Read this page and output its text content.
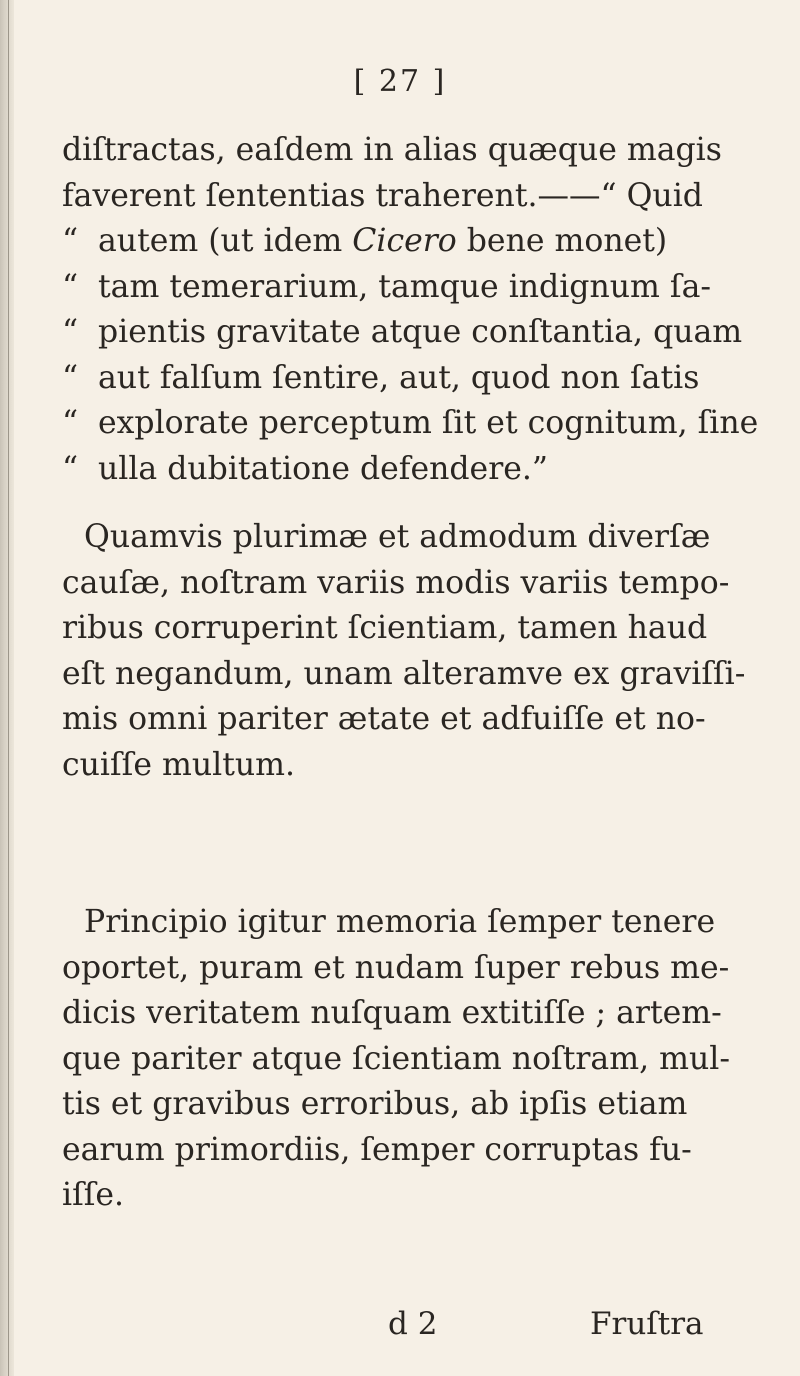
[ 27 ]
diſtractas, eaſdem in alias quæque magis
faverent ſententias traherent.——“ Quid
“ autem (ut idem Cicero bene monet)
“ tam temerarium, tamque indignum ſa-
“ pientis gravitate atque conſtantia, quam
“ aut falſum ſentire, aut, quod non ſatis
“ explorate perceptum ſit et cognitum, ſine
“ ulla dubitatione defendere.”
Quamvis plurimæ et admodum diverſæ
cauſæ, noſtram variis modis variis tempo-
ribus corruperint ſcientiam, tamen haud
eſt negandum, unam alteramve ex graviſſi-
mis omni pariter ætate et adfuiſſe et no-
cuiſſe multum.
Principio igitur memoria ſemper tenere
oportet, puram et nudam ſuper rebus me-
dicis veritatem nuſquam extitiſſe ; artem-
que pariter atque ſcientiam noſtram, mul-
tis et gravibus erroribus, ab ipſis etiam
earum primordiis, ſemper corruptas fu-
iſſe.
d 2	Fruſtra
